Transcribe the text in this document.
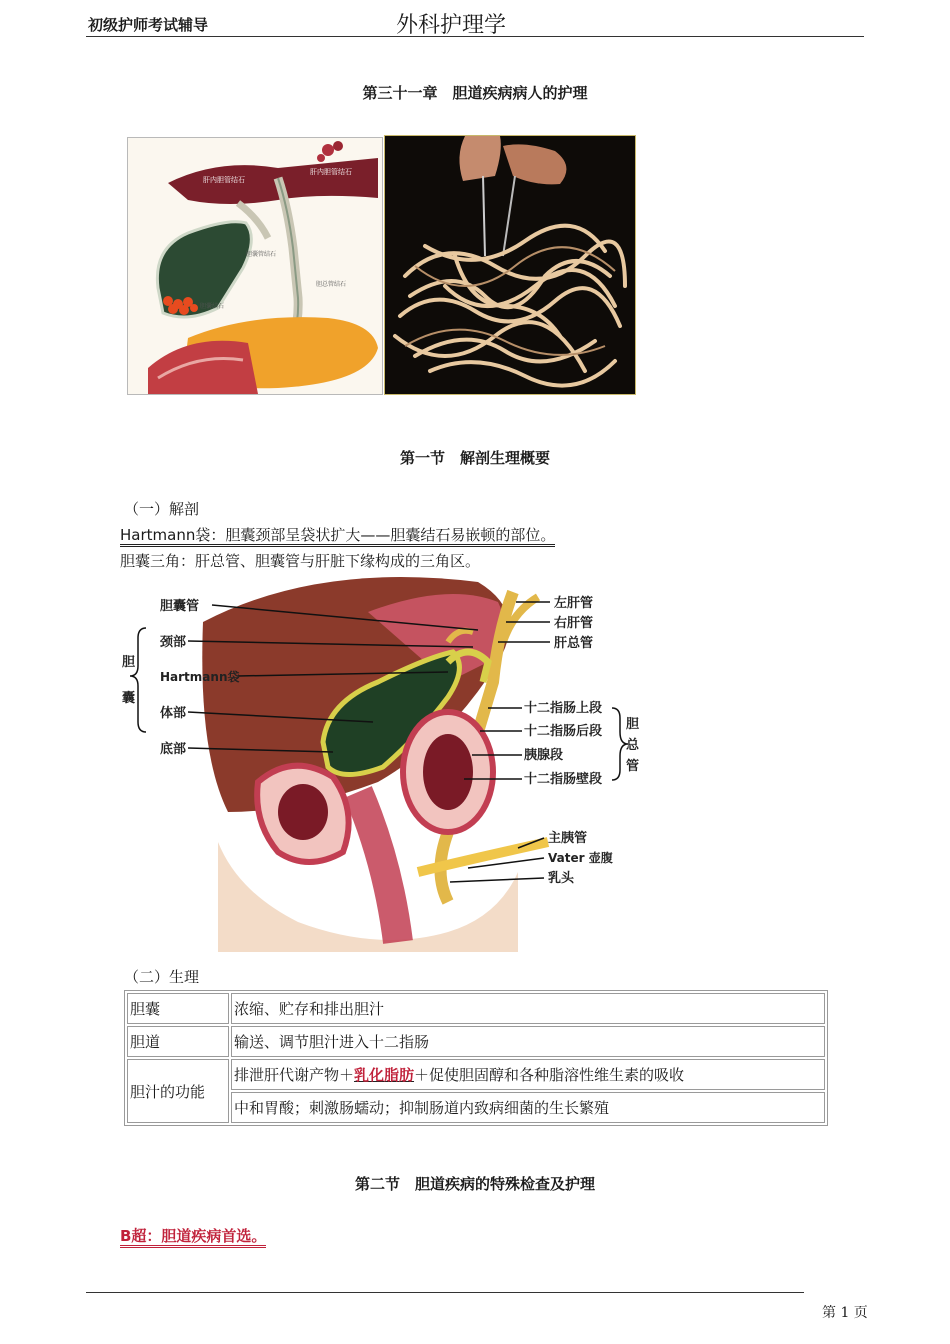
初级护师考试辅导	外科护理学
第三十一章　胆道疾病病人的护理
肝内胆管结石
肝内胆管结石
胆囊管结石
胆总管结石
胆囊结石
第一节　解剖生理概要
（一）解剖
Hartmann袋：胆囊颈部呈袋状扩大——胆囊结石易嵌顿的部位。
胆囊三角：肝总管、胆囊管与肝脏下缘构成的三角区。
胆囊管
颈部
Hartmann袋
体部
底部
胆
囊
左肝管
右肝管
肝总管
十二指肠上段
十二指肠后段
胰腺段
十二指肠壁段
胆
总
管
主胰管
Vater 壶腹
乳头
（二）生理
胆囊	浓缩、贮存和排出胆汁
胆道	输送、调节胆汁进入十二指肠
胆汁的功能	排泄肝代谢产物＋乳化脂肪＋促使胆固醇和各种脂溶性维生素的吸收
	中和胃酸；刺激肠蠕动；抑制肠道内致病细菌的生长繁殖
第二节　胆道疾病的特殊检查及护理
B超：胆道疾病首选。
第 1 页
